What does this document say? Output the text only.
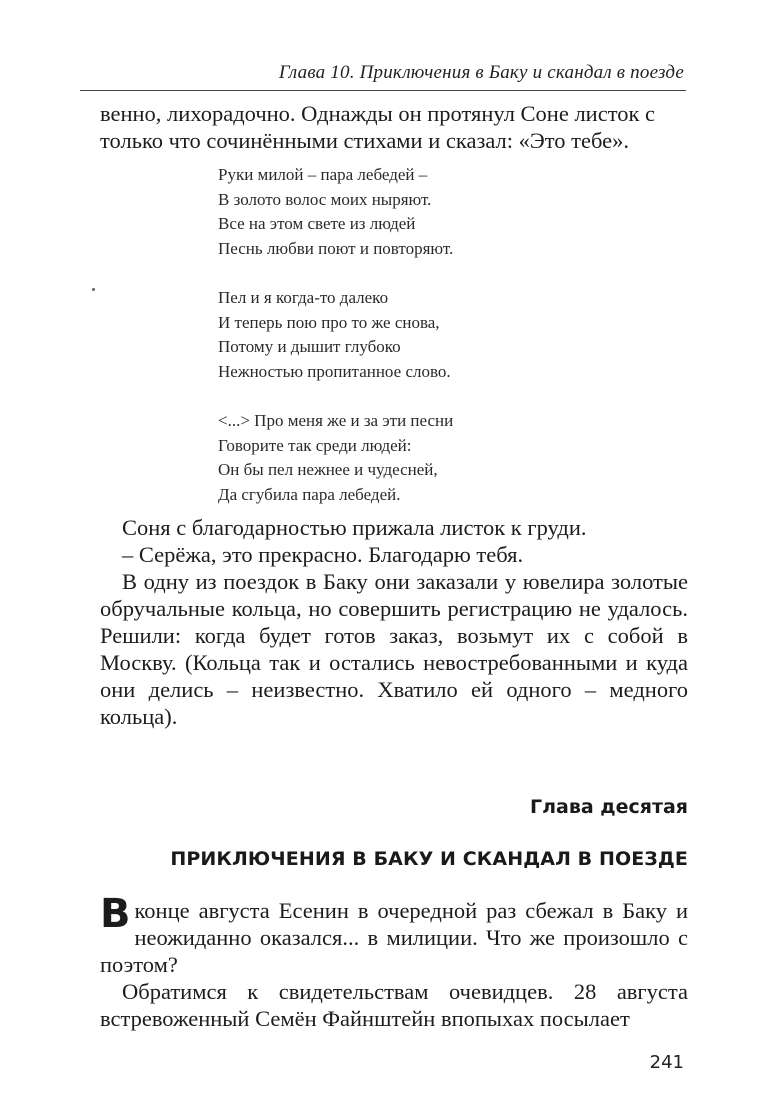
Глава 10. Приключения в Баку и скандал в поезде

венно, лихорадочно. Однажды он протянул Соне листок с

только что сочинёнными стихами и сказал: «Это тебе».

Руки милой – пара лебедей –
В золото волос моих ныряют.
Все на этом свете из людей
Песнь любви поют и повторяют.
Пел и я когда-то далеко
И теперь пою про то же снова,
Потому и дышит глубоко
Нежностью пропитанное слово.
<...> Про меня же и за эти песни
Говорите так среди людей:
Он бы пел нежнее и чудесней,
Да сгубила пара лебедей.

Соня с благодарностью прижала листок к груди.

– Серёжа, это прекрасно. Благодарю тебя.

В одну из поездок в Баку они заказали у ювелира золотые обручальные кольца, но совершить регистрацию не удалось. Решили: когда будет готов заказ, возьмут их с собой в Москву. (Кольца так и остались невостребованными и куда они делись – неизвестно. Хватило ей одного – медного кольца).

Глава десятая
ПРИКЛЮЧЕНИЯ В БАКУ И СКАНДАЛ В ПОЕЗДЕ

В конце августа Есенин в очередной раз сбежал в Баку и неожиданно оказался... в милиции. Что же произошло с поэтом?

Обратимся к свидетельствам очевидцев. 28 августа встревоженный Семён Файнштейн впопыхах посылает

241
